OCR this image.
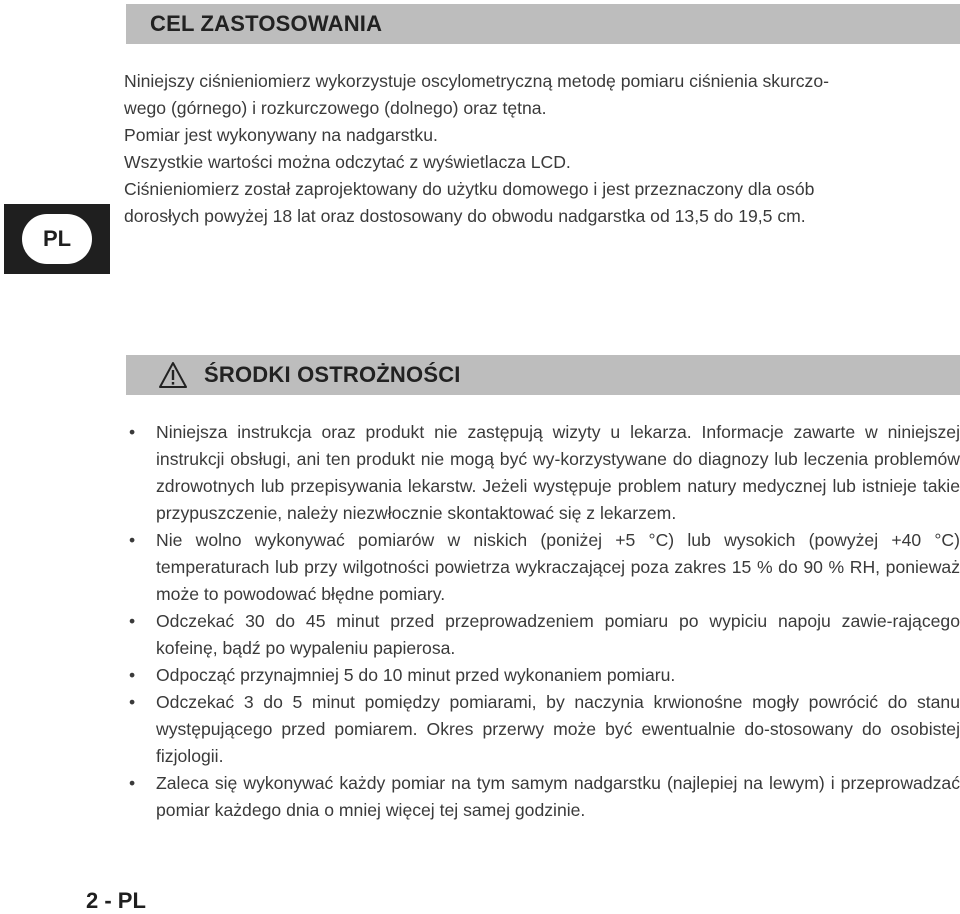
CEL ZASTOSOWANIA

Niniejszy ciśnieniomierz wykorzystuje oscylometryczną metodę pomiaru ciśnienia skurczo-

wego (górnego) i rozkurczowego (dolnego) oraz tętna.

Pomiar jest wykonywany na nadgarstku.

Wszystkie wartości można odczytać z wyświetlacza LCD.

Ciśnieniomierz został zaprojektowany do użytku domowego i jest przeznaczony dla osób

dorosłych powyżej 18 lat oraz dostosowany do obwodu nadgarstka od 13,5 do 19,5 cm.

PL
ŚRODKI OSTROŻNOŚCI
• Niniejsza instrukcja oraz produkt nie zastępują wizyty u lekarza. Informacje zawarte w niniejszej instrukcji obsługi, ani ten produkt nie mogą być wy-korzystywane do diagnozy lub leczenia problemów zdrowotnych lub przepisywania lekarstw. Jeżeli występuje problem natury medycznej lub istnieje takie przypuszczenie, należy niezwłocznie skontaktować się z lekarzem.
• Nie wolno wykonywać pomiarów w niskich (poniżej +5 °C) lub wysokich (powyżej +40 °C) temperaturach lub przy wilgotności powietrza wykraczającej poza zakres 15 % do 90 % RH, ponieważ może to powodować błędne pomiary.
• Odczekać 30 do 45 minut przed przeprowadzeniem pomiaru po wypiciu napoju zawie-rającego kofeinę, bądź po wypaleniu papierosa.
• Odpocząć przynajmniej 5 do 10 minut przed wykonaniem pomiaru.
• Odczekać 3 do 5 minut pomiędzy pomiarami, by naczynia krwionośne mogły powrócić do stanu występującego przed pomiarem. Okres przerwy może być ewentualnie do-stosowany do osobistej fizjologii.
• Zaleca się wykonywać każdy pomiar na tym samym nadgarstku (najlepiej na lewym) i przeprowadzać pomiar każdego dnia o mniej więcej tej samej godzinie.
2 - PL
